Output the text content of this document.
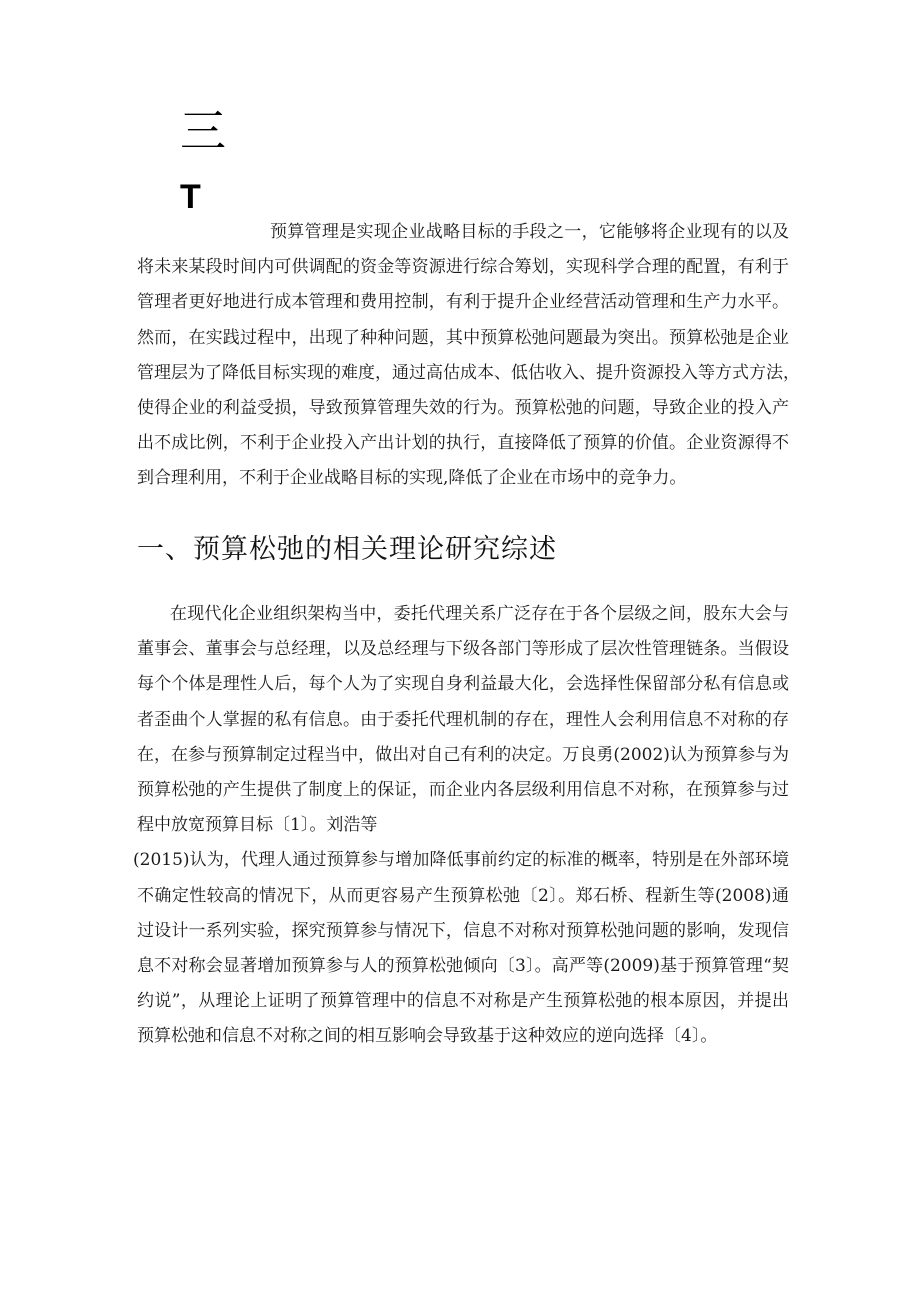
三
T
预算管理是实现企业战略目标的手段之一，它能够将企业现有的以及
将未来某段时间内可供调配的资金等资源进行综合筹划，实现科学合理的配置，有利于
管理者更好地进行成本管理和费用控制，有利于提升企业经营活动管理和生产力水平。
然而，在实践过程中，出现了种种问题，其中预算松弛问题最为突出。预算松弛是企业
管理层为了降低目标实现的难度，通过高估成本、低估收入、提升资源投入等方式方法，
使得企业的利益受损，导致预算管理失效的行为。预算松弛的问题，导致企业的投入产
出不成比例，不利于企业投入产出计划的执行，直接降低了预算的价值。企业资源得不
到合理利用，不利于企业战略目标的实现,降低了企业在市场中的竞争力。
一、预算松弛的相关理论研究综述
在现代化企业组织架构当中，委托代理关系广泛存在于各个层级之间，股东大会与
董事会、董事会与总经理，以及总经理与下级各部门等形成了层次性管理链条。当假设
每个个体是理性人后，每个人为了实现自身利益最大化，会选择性保留部分私有信息或
者歪曲个人掌握的私有信息。由于委托代理机制的存在，理性人会利用信息不对称的存
在，在参与预算制定过程当中，做出对自己有利的决定。万良勇(2002)认为预算参与为
预算松弛的产生提供了制度上的保证，而企业内各层级利用信息不对称，在预算参与过
程中放宽预算目标〔1〕。刘浩等
(2015)认为，代理人通过预算参与增加降低事前约定的标准的概率，特别是在外部环境
不确定性较高的情况下，从而更容易产生预算松弛〔2〕。郑石桥、程新生等(2008)通
过设计一系列实验，探究预算参与情况下，信息不对称对预算松弛问题的影响，发现信
息不对称会显著增加预算参与人的预算松弛倾向〔3〕。高严等(2009)基于预算管理“契
约说”，从理论上证明了预算管理中的信息不对称是产生预算松弛的根本原因，并提出
预算松弛和信息不对称之间的相互影响会导致基于这种效应的逆向选择〔4〕。
